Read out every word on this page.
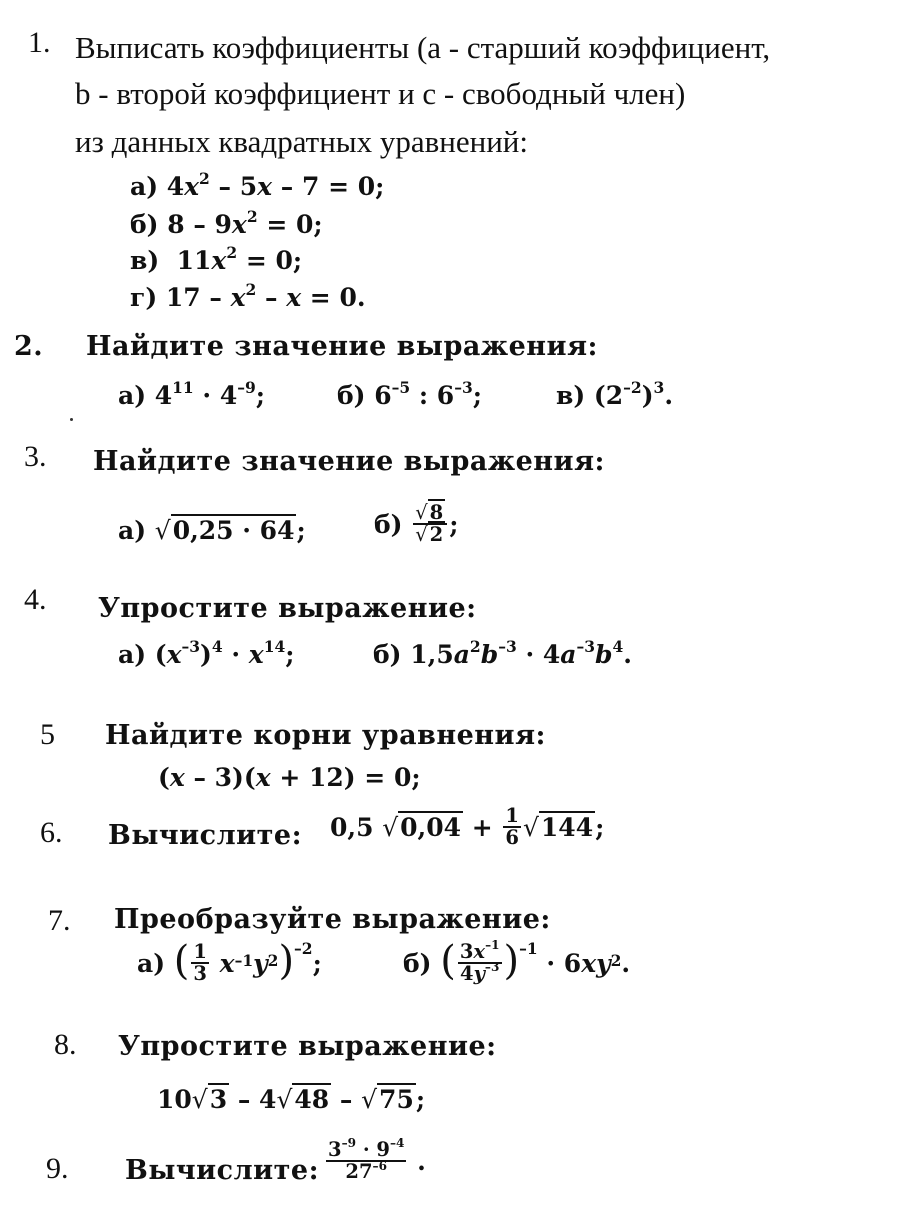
1. Выписать коэффициенты (a - старший коэффициент,
b - второй коэффициент и с - свободный член)
из данных квадратных уравнений:
а) $4x^2 - 5x - 7 = 0$;
б) $8 - 9x^2 = 0$;
в)  $11x^2 = 0$;
г) $17 - x^2 - x = 0$.
2. Найдите значение выражения:
а) $4^{11} \cdot 4^{-9}$;	б) $6^{-5}$ : $6^{-3}$;	в) $(2^{-2})^3$.
3. Найдите значение выражения:
а) √0,25 · 64;	б)
$\frac{√ 8}{√ 2}$ ;
4. Упростите выражение:
а) $(x^{-3})^4 \cdot x^{14}$;	б) $1,5a^2b^{-3} \cdot 4a^{-3}b^4$.
5 Найдите корни уравнения:
(x – 3)(x + 12) = 0;
6. Вычислите: 0,5 $√0,04 + \frac{1}{6} √144$ ;
7. Преобразуйте выражение:
а)
( $\frac{1}{3}$
$x^{-1}$ $y^2$ )$^{-2}$ ;	б)
( $\frac{3x^{-1}}{4y^{-3}} )^{-1} \cdot 6$ x $y^2$ .
8. Упростите выражение:
10√3 – 4√48 – √75;
9. Вычислите: $\frac{3^{-9} \cdot 9^{-4}}{27^{-6}}$ .
